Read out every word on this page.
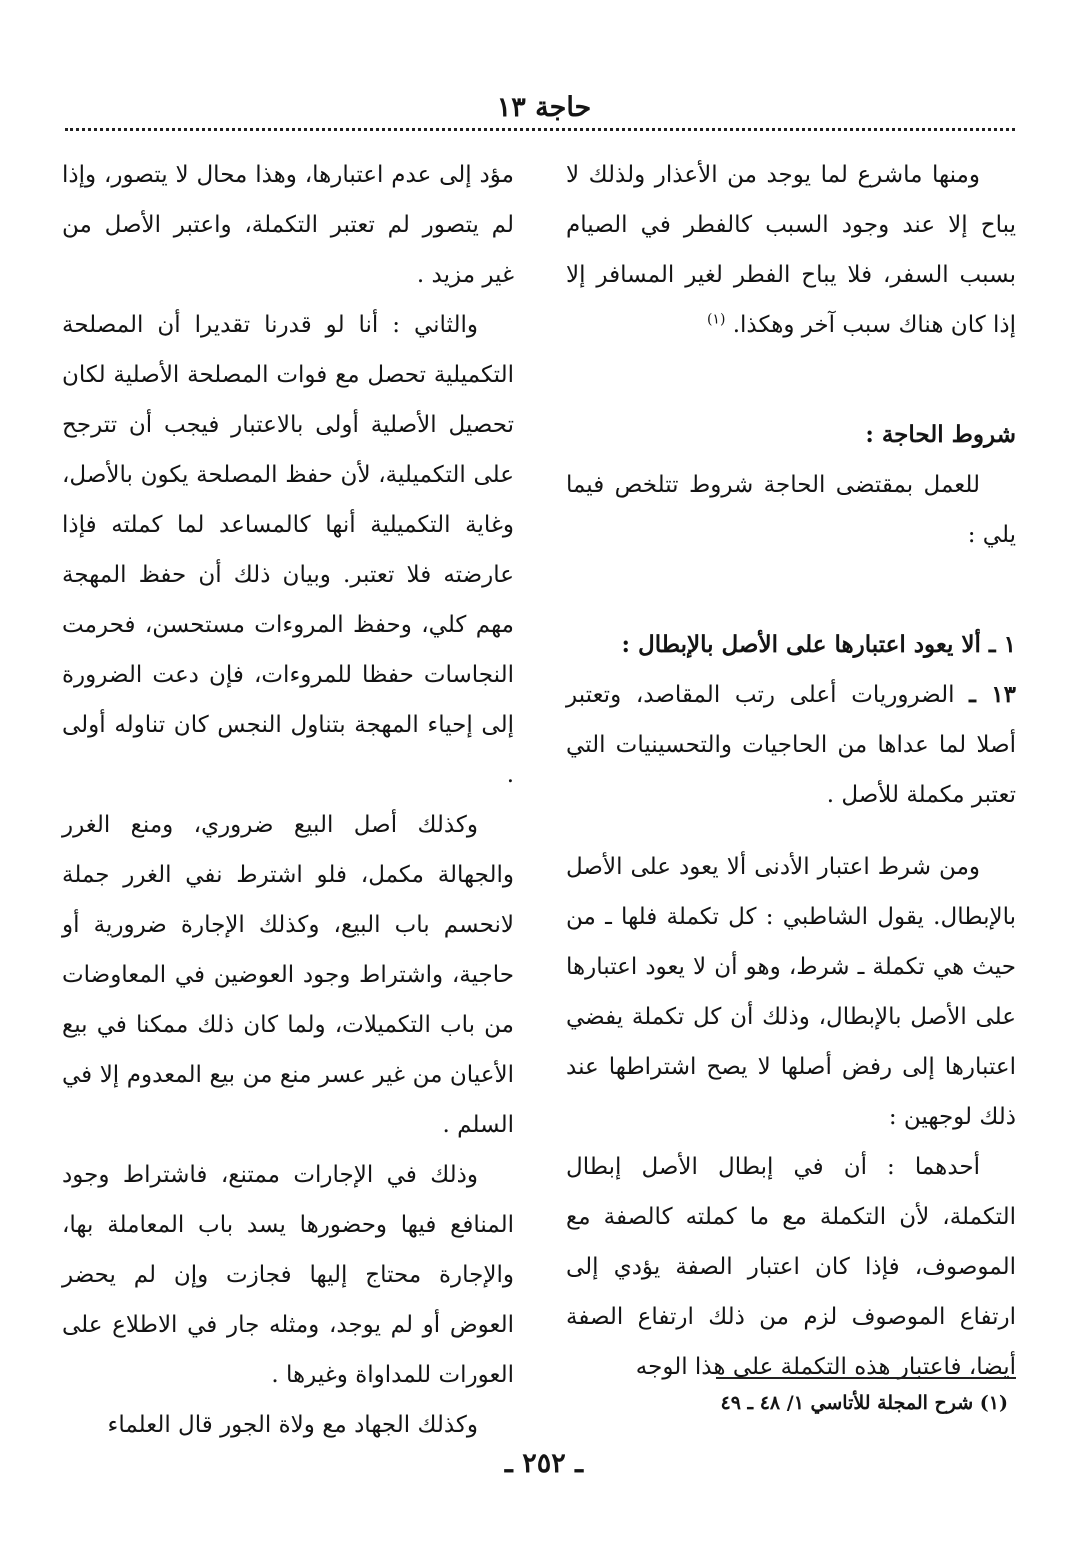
حاجة ١٣

ومنها ماشرع لما يوجد من الأعذار ولذلك لا يباح إلا عند وجود السبب كالفطر في الصيام بسبب السفر، فلا يباح الفطر لغير المسافر إلا إذا كان هناك سبب آخر وهكذا. $^{(١)}$

شروط الحاجة :

للعمل بمقتضى الحاجة شروط تتلخص فيما يلي :

١ ـ ألا يعود اعتبارها على الأصل بالإبطال :

١٣ ـ الضروريات أعلى رتب المقاصد، وتعتبر أصلا لما عداها من الحاجيات والتحسينيات التي تعتبر مكملة للأصل .

ومن شرط اعتبار الأدنى ألا يعود على الأصل بالإبطال. يقول الشاطبي : كل تكملة فلها ـ من حيث هي تكملة ـ شرط، وهو أن لا يعود اعتبارها على الأصل بالإبطال، وذلك أن كل تكملة يفضي اعتبارها إلى رفض أصلها لا يصح اشتراطها عند ذلك لوجهين :

أحدهما : أن في إبطال الأصل إبطال التكملة، لأن التكملة مع ما كملته كالصفة مع الموصوف، فإذا كان اعتبار الصفة يؤدي إلى ارتفاع الموصوف لزم من ذلك ارتفاع الصفة أيضا، فاعتبار هذه التكملة على هذا الوجه

مؤد إلى عدم اعتبارها، وهذا محال لا يتصور، وإذا لم يتصور لم تعتبر التكملة، واعتبر الأصل من غير مزيد .

والثاني : أنا لو قدرنا تقديرا أن المصلحة التكميلية تحصل مع فوات المصلحة الأصلية لكان تحصيل الأصلية أولى بالاعتبار فيجب أن تترجح على التكميلية، لأن حفظ المصلحة يكون بالأصل، وغاية التكميلية أنها كالمساعد لما كملته فإذا عارضته فلا تعتبر. وبيان ذلك أن حفظ المهجة مهم كلي، وحفظ المروءات مستحسن، فحرمت النجاسات حفظا للمروءات، فإن دعت الضرورة إلى إحياء المهجة بتناول النجس كان تناوله أولى .

وكذلك أصل البيع ضروري، ومنع الغرر والجهالة مكمل، فلو اشترط نفي الغرر جملة لانحسم باب البيع، وكذلك الإجارة ضرورية أو حاجية، واشتراط وجود العوضين في المعاوضات من باب التكميلات، ولما كان ذلك ممكنا في بيع الأعيان من غير عسر منع من بيع المعدوم إلا في السلم .

وذلك في الإجارات ممتنع، فاشتراط وجود المنافع فيها وحضورها يسد باب المعاملة بها، والإجارة محتاج إليها فجازت وإن لم يحضر العوض أو لم يوجد، ومثله جار في الاطلاع على العورات للمداواة وغيرها .

وكذلك الجهاد مع ولاة الجور قال العلماء

(١) شرح المجلة للأتاسي ١/ ٤٨ ـ ٤٩
ـ ٢٥٢ ـ
